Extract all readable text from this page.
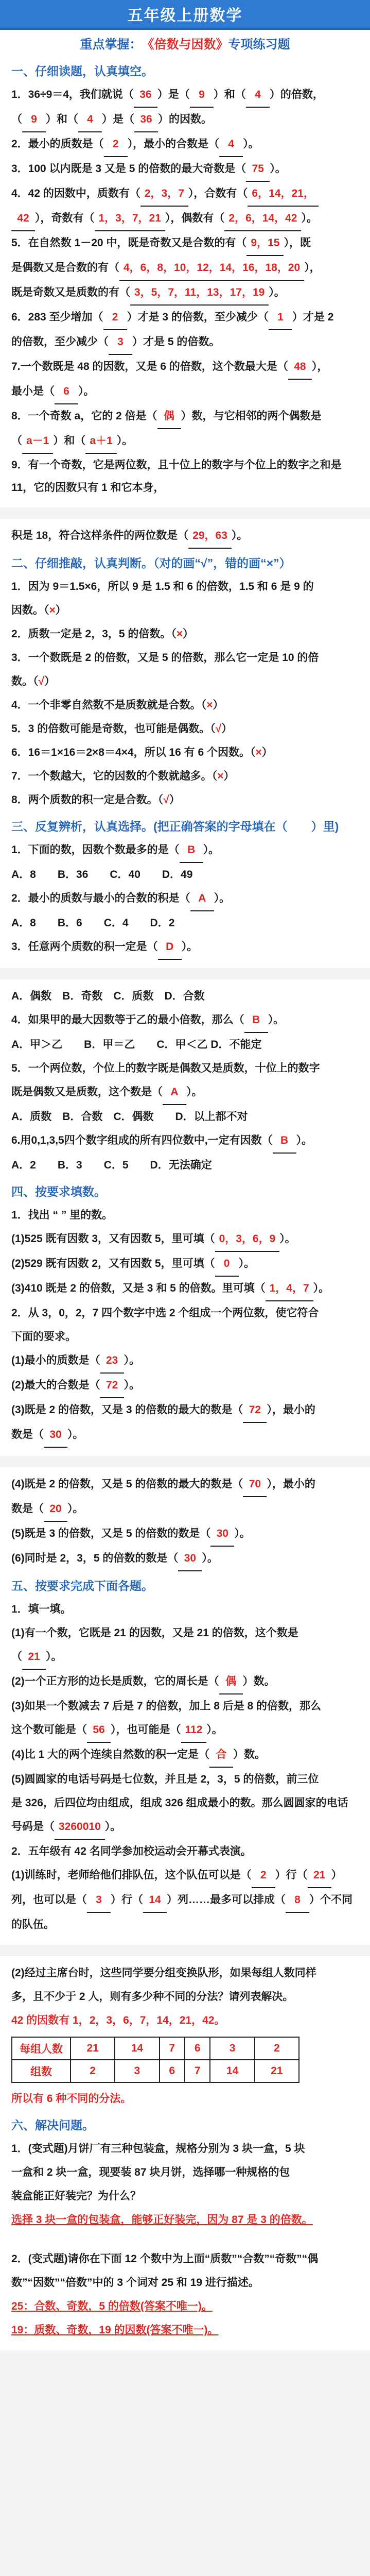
五年级上册数学
重点掌握： 《倍数与因数》 专项练习题
一、仔细读题，认真填空。
1．36÷9＝4，我们就说（ 36 ）是（ 9 ）和（ 4 ）的倍数，
（ 9 ）和（ 4 ）是（ 36 ）的因数。
2．最小的质数是（ 2 ），最小的合数是（ 4 ）。
3．100 以内既是 3 又是 5 的倍数的最大奇数是（ 75 ）。
4．42 的因数中，质数有（ 2，3，7 ），合数有（ 6，14，21，
42 ），奇数有（ 1，3，7，21 ），偶数有（ 2，6，14，42 ）。
5．在自然数 1－20 中，既是奇数又是合数的有（ 9，15 ），既
是偶数又是合数的有（ 4，6，8，10，12，14，16，18，20 ），
既是奇数又是质数的有（ 3，5，7，11，13，17，19 ）。
6．283 至少增加（ 2 ）才是 3 的倍数，至少减少（ 1 ）才是 2
的倍数，至少减少（ 3 ）才是 5 的倍数。
7.一个数既是 48 的因数，又是 6 的倍数，这个数最大是（ 48 ），
最小是（ 6 ）。
8．一个奇数 a，它的 2 倍是（ 偶 ）数，与它相邻的两个偶数是
（ a－1 ）和（ a＋1 ）。
9．有一个奇数，它是两位数，且十位上的数字与个位上的数字之和是 11，它的因数只有 1 和它本身，
积是 18，符合这样条件的两位数是（ 29，63 ）。
二、仔细推敲，认真判断。（对的画“√”，错的画“×”）
1．因为 9＝1.5×6，所以 9 是 1.5 和 6 的倍数，1.5 和 6 是 9 的
因数。（×）
2．质数一定是 2，3，5 的倍数。（×）
3．一个数既是 2 的倍数，又是 5 的倍数，那么它一定是 10 的倍
数。（√）
4．一个非零自然数不是质数就是合数。（×）
5．3 的倍数可能是奇数，也可能是偶数。（√）
6．16＝1×16＝2×8＝4×4，所以 16 有 6 个因数。（×）
7．一个数越大，它的因数的个数就越多。（×）
8．两个质数的积一定是合数。（√）
三、反复辨析，认真选择。(把正确答案的字母填在（　　）里)
1．下面的数，因数个数最多的是（ B ）。
A．8　　B．36　　C．40　　D．49
2．最小的质数与最小的合数的积是（ A ）。
A．8　　B．6　　C．4　　D．2
3．任意两个质数的积一定是（ D ）。
A．偶数　B．奇数　C．质数　D．合数
4．如果甲的最大因数等于乙的最小倍数，那么（ B ）。
A．甲＞乙　　B．甲＝乙　　C．甲＜乙 D．不能定
5．一个两位数，个位上的数字既是偶数又是质数，十位上的数字
既是偶数又是质数，这个数是（ A ）。
A．质数　B．合数　C．偶数　　D．以上都不对
6.用0,1,3,5四个数字组成的所有四位数中,一定有因数（ B ）。
A．2　　B．3　　C．5　　D．无法确定
四、按要求填数。
1．找出 “ ” 里的数。
(1)525 既有因数 3，又有因数 5，里可填（ 0，3，6，9 ）。
(2)529 既有因数 2，又有因数 5，里可填（ 0 ）。
(3)410 既是 2 的倍数，又是 3 和 5 的倍数。里可填（ 1，4，7 ）。
2．从 3，0，2，7 四个数字中选 2 个组成一个两位数，使它符合
下面的要求。
(1)最小的质数是（ 23 ）。
(2)最大的合数是（ 72 ）。
(3)既是 2 的倍数，又是 3 的倍数的最大的数是（ 72 ），最小的
数是（ 30 ）。
(4)既是 2 的倍数，又是 5 的倍数的最大的数是（ 70 ），最小的
数是（ 20 ）。
(5)既是 3 的倍数，又是 5 的倍数的数是（ 30 ）。
(6)同时是 2，3，5 的倍数的数是（ 30 ）。
五、按要求完成下面各题。
1．填一填。
(1)有一个数，它既是 21 的因数，又是 21 的倍数，这个数是
（ 21 ）。
(2)一个正方形的边长是质数，它的周长是（ 偶 ）数。
(3)如果一个数减去 7 后是 7 的倍数，加上 8 后是 8 的倍数，那么
这个数可能是（ 56 ），也可能是（ 112 ）。
(4)比 1 大的两个连续自然数的积一定是（ 合 ）数。
(5)圆圆家的电话号码是七位数，并且是 2，3，5 的倍数，前三位
是 326，后四位均由组成，组成 326 组成最小的数。那么圆圆家的电话
号码是（ 3260010 ）。
2．五年级有 42 名同学参加校运动会开幕式表演。
(1)训练时，老师给他们排队伍，这个队伍可以是（ 2 ）行（ 21 ）
列，也可以是（ 3 ）行（ 14 ）列……最多可以排成（ 8 ）个不同
的队伍。
(2)经过主席台时，这些同学要分组变换队形，如果每组人数同样
多，且不少于 2 人，则有多少种不同的分法？请列表解决。
42 的因数有 1，2，3，6，7，14，21，42。
每组人数	21	14	7	6	3	2
组数	2	3	6	7	14	21
所以有 6 种不同的分法。
六、解决问题。
1．(变式题)月饼厂有三种包装盒，规格分别为 3 块一盒，5 块
一盒和 2 块一盒，现要装 87 块月饼，选择哪一种规格的包
装盒能正好装完？为什么？
选择 3 块一盒的包装盒，能够正好装完，因为 87 是 3 的倍数。
2．(变式题)请你在下面 12 个数中为上面“质数”“合数”“奇数”“偶
数”“因数”“倍数”中的 3 个词对 25 和 19 进行描述。
25：合数、奇数，5 的倍数(答案不唯一)。
19：质数、奇数，19 的因数(答案不唯一)。
